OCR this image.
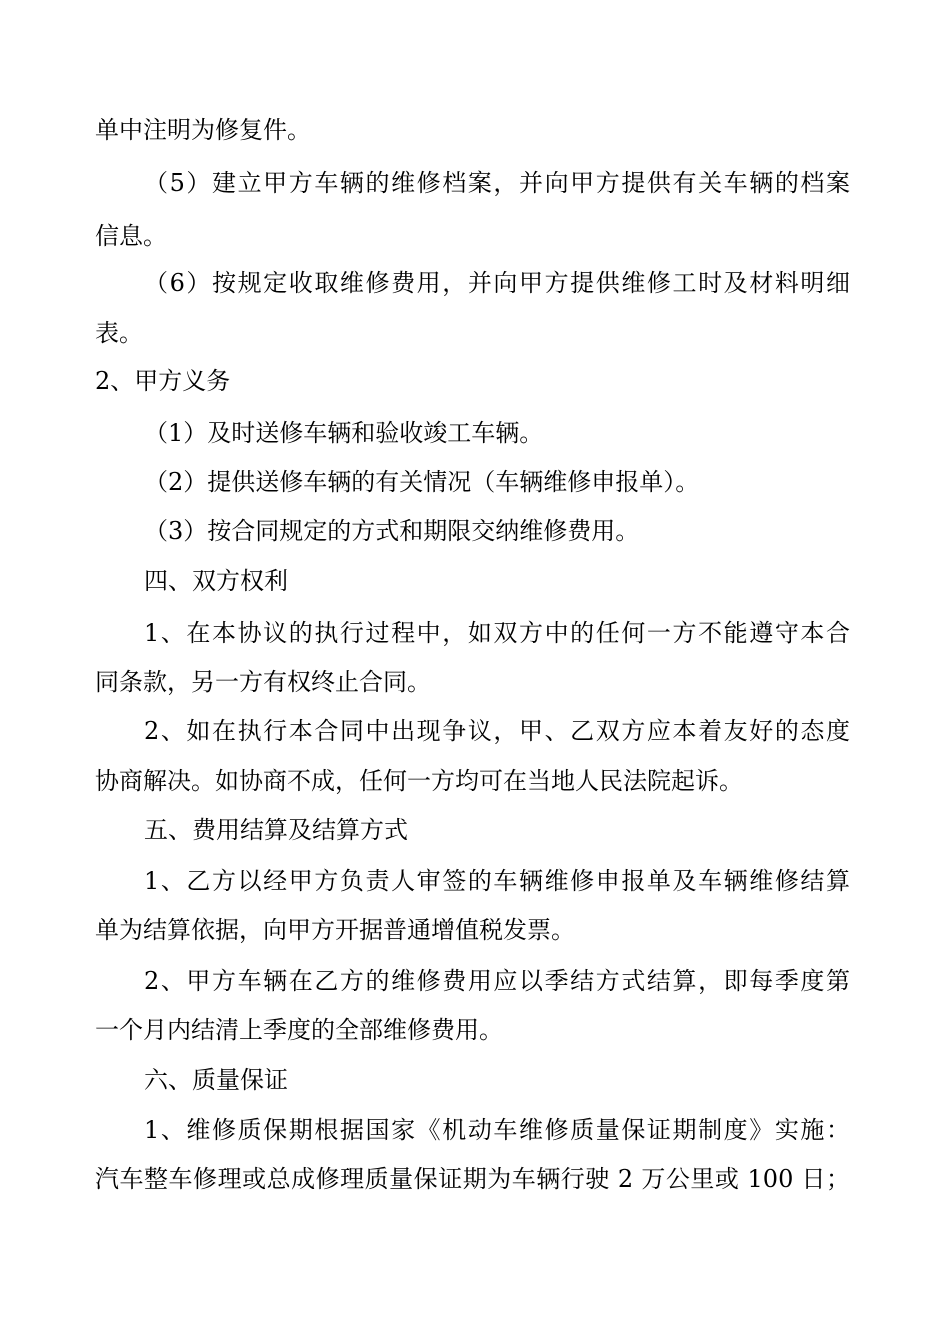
单中注明为修复件。
（5）建立甲方车辆的维修档案，并向甲方提供有关车辆的档案
信息。
（6）按规定收取维修费用，并向甲方提供维修工时及材料明细
表。
2、甲方义务
（1）及时送修车辆和验收竣工车辆。
（2）提供送修车辆的有关情况（车辆维修申报单）。
（3）按合同规定的方式和期限交纳维修费用。
四、双方权利
1、在本协议的执行过程中，如双方中的任何一方不能遵守本合
同条款，另一方有权终止合同。
2、如在执行本合同中出现争议，甲、乙双方应本着友好的态度
协商解决。如协商不成，任何一方均可在当地人民法院起诉。
五、费用结算及结算方式
1、乙方以经甲方负责人审签的车辆维修申报单及车辆维修结算
单为结算依据，向甲方开据普通增值税发票。
2、甲方车辆在乙方的维修费用应以季结方式结算，即每季度第
一个月内结清上季度的全部维修费用。
六、质量保证
1、维修质保期根据国家《机动车维修质量保证期制度》实施：
汽车整车修理或总成修理质量保证期为车辆行驶 2 万公里或 100 日；
